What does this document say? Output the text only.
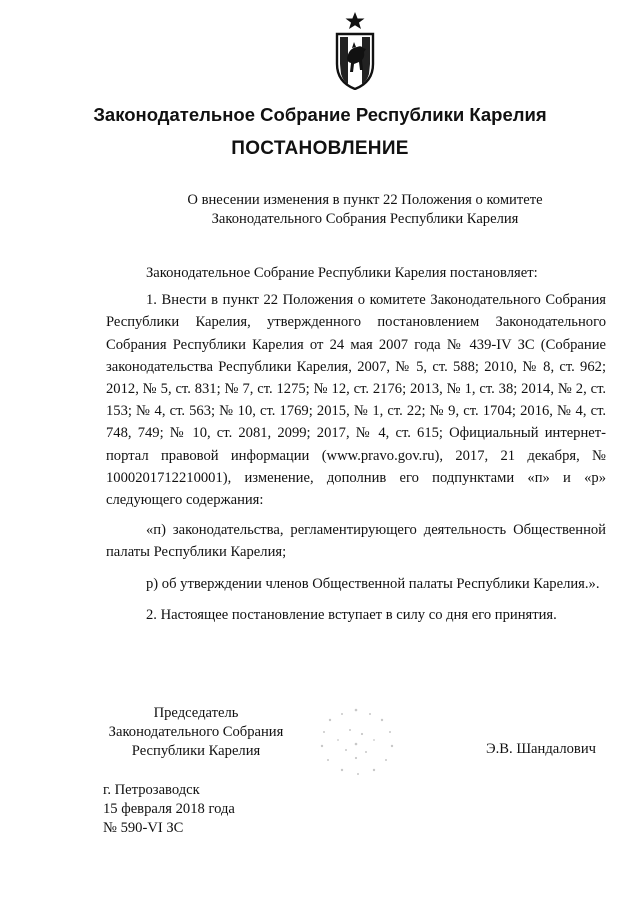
Законодательное Собрание Республики Карелия
ПОСТАНОВЛЕНИЕ
О внесении изменения в пункт 22 Положения о комитете
Законодательного Собрания Республики Карелия

Законодательное Собрание Республики Карелия постановляет:

1. Внести в пункт 22 Положения о комитете Законодательного Собрания Республики Карелия, утвержденного постановлением Законодательного Собрания Республики Карелия от 24 мая 2007 года № 439-IV ЗС (Собрание законодательства Республики Карелия, 2007, № 5, ст. 588; 2010, № 8, ст. 962; 2012, № 5, ст. 831; № 7, ст. 1275; № 12, ст. 2176; 2013, № 1, ст. 38; 2014, № 2, ст. 153; № 4, ст. 563; № 10, ст. 1769; 2015, № 1, ст. 22; № 9, ст. 1704; 2016, № 4, ст. 748, 749; № 10, ст. 2081, 2099; 2017, № 4, ст. 615; Официальный интернет-портал правовой информации (www.pravo.gov.ru), 2017, 21 декабря, № 1000201712210001), изменение, дополнив его подпунктами «п» и «р» следующего содержания:

«п) законодательства, регламентирующего деятельность Общественной палаты Республики Карелия;

р) об утверждении членов Общественной палаты Республики Карелия.».

2. Настоящее постановление вступает в силу со дня его принятия.

Председатель
Законодательного Собрания
Республики Карелия	Э.В. Шандалович
г. Петрозаводск
15 февраля 2018 года
№ 590-VI ЗС
